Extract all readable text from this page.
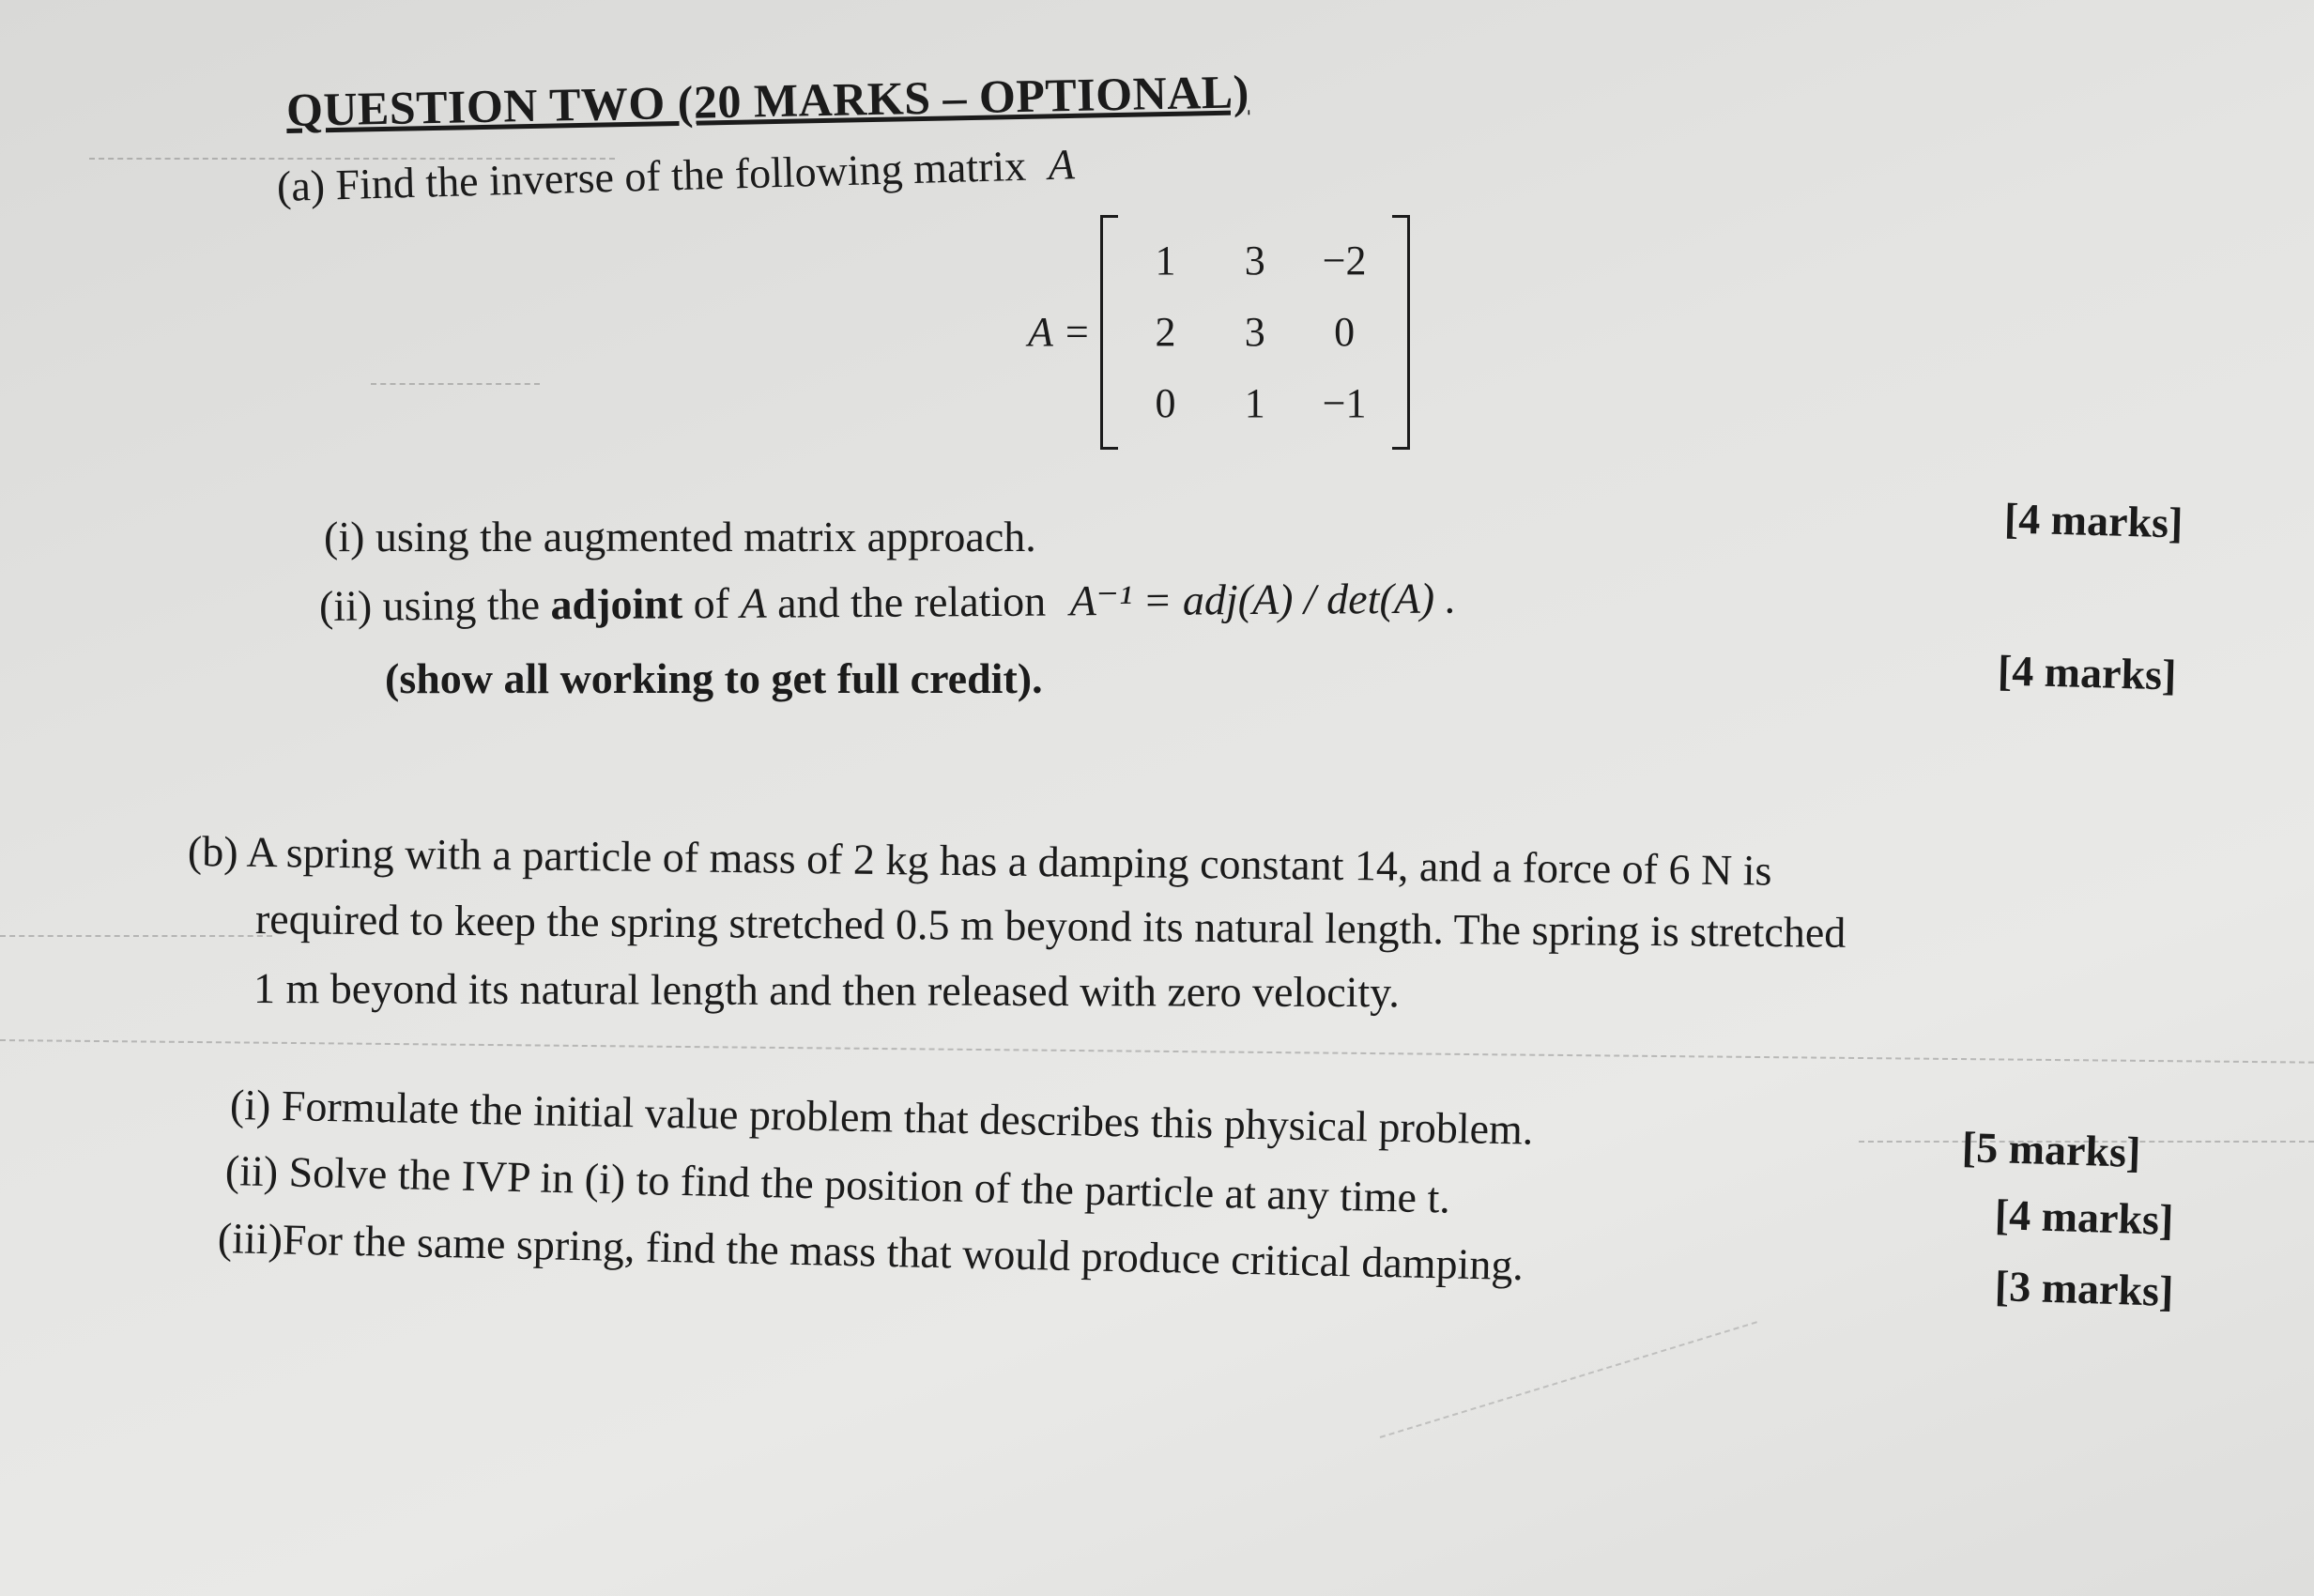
QUESTION TWO (20 MARKS – OPTIONAL)
(a) Find the inverse of the following matrix A
A =
1 3 −2
2 3 0
0 1 −1
(i) using the augmented matrix approach.	[4 marks]
(ii) using the adjoint of A and the relation A⁻¹ = adj(A) / det(A) .
(show all working to get full credit).	[4 marks]
(b) A spring with a particle of mass of 2 kg has a damping constant 14, and a force of 6 N is
required to keep the spring stretched 0.5 m beyond its natural length. The spring is stretched
1 m beyond its natural length and then released with zero velocity.
(i) Formulate the initial value problem that describes this physical problem.	[5 marks]
(ii) Solve the IVP in (i) to find the position of the particle at any time t.	[4 marks]
(iii)For the same spring, find the mass that would produce critical damping.	[3 marks]
